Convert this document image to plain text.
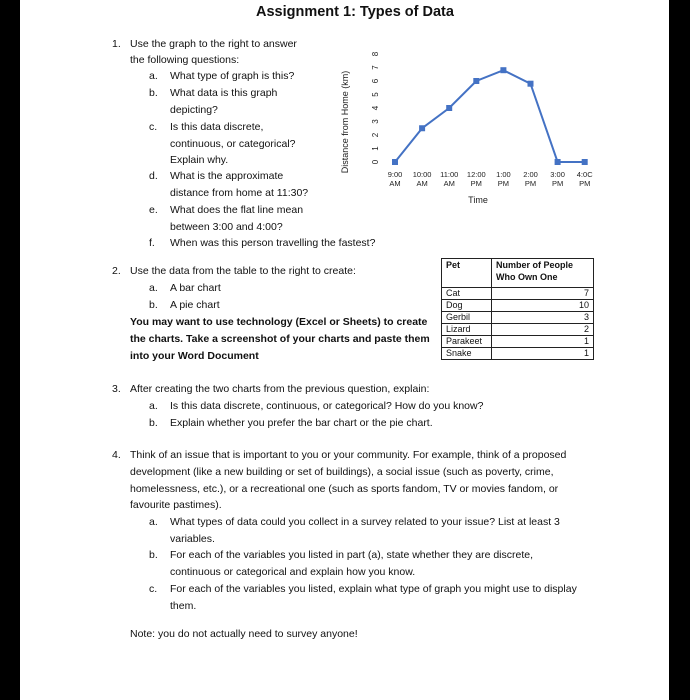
Assignment 1: Types of Data
1. Use the graph to the right to answer
the following questions:
a. What type of graph is this?
b. What data is this graph
depicting?
c. Is this data discrete,
continuous, or categorical?
Explain why.
d. What is the approximate
distance from home at 11:30?
e. What does the flat line mean
between 3:00 and 4:00?
f. When was this person travelling the fastest?
Distance from Home (km)	0
1
2
3
4
5
6
7
8
9:00
AM
10:00
AM
11:00
AM
12:00
PM
1:00
PM
2:00
PM
3:00
PM
4:0C
PM
Time
2. Use the data from the table to the right to create:
a. A bar chart
b. A pie chart
You may want to use technology (Excel or Sheets) to create
the charts. Take a screenshot of your charts and paste them
into your Word Document
Pet	Number of People
Who Own One
Cat	7
Dog	10
Gerbil	3
Lizard	2
Parakeet	1
Snake	1
3. After creating the two charts from the previous question, explain:
a. Is this data discrete, continuous, or categorical? How do you know?
b. Explain whether you prefer the bar chart or the pie chart.
4. Think of an issue that is important to you or your community. For example, think of a proposed
development (like a new building or set of buildings), a social issue (such as poverty, crime,
homelessness, etc.), or a recreational one (such as sports fandom, TV or movies fandom, or
favourite pastimes).
a. What types of data could you collect in a survey related to your issue? List at least 3
variables.
b. For each of the variables you listed in part (a), state whether they are discrete,
continuous or categorical and explain how you know.
c. For each of the variables you listed, explain what type of graph you might use to display
them.
Note: you do not actually need to survey anyone!
